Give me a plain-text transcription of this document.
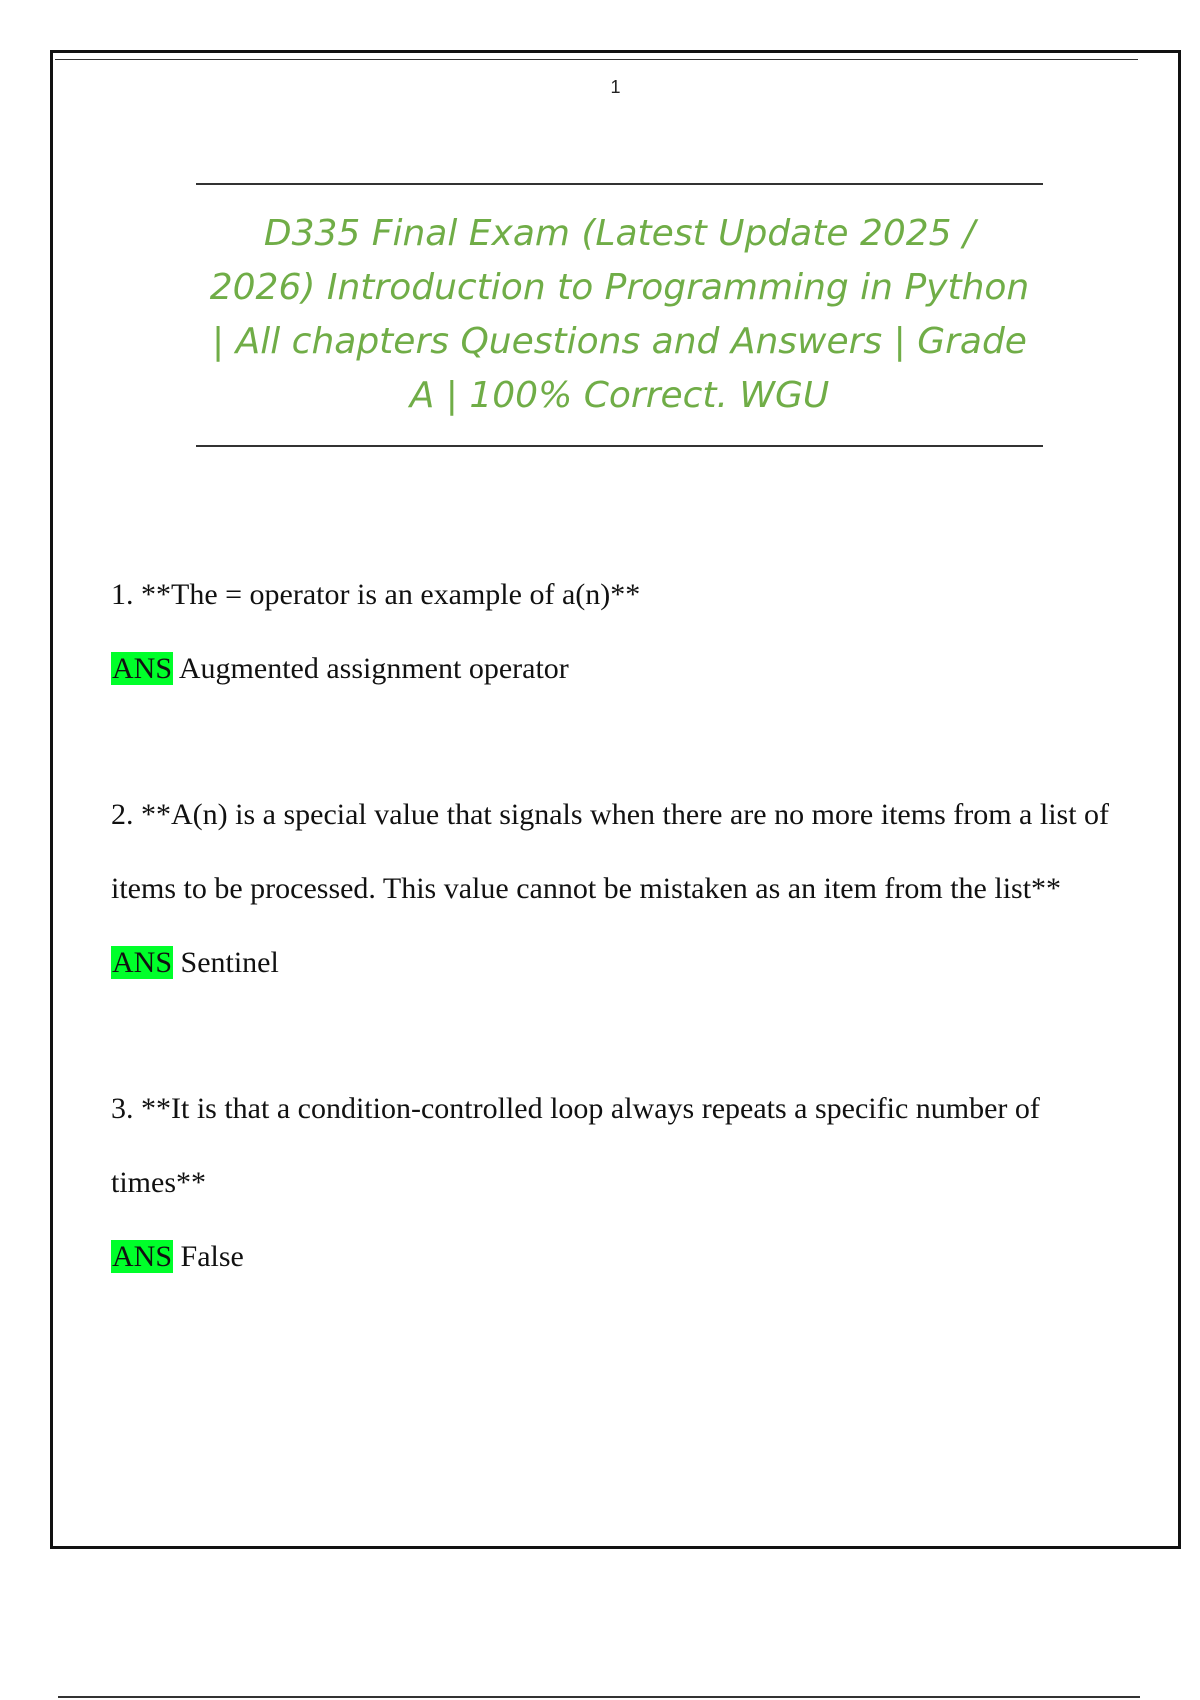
1
D335 Final Exam (Latest Update 2025 / 2026) Introduction to Programming in Python | All chapters Questions and Answers | Grade A | 100% Correct. WGU

1. **The = operator is an example of a(n)**

ANS Augmented assignment operator

2. **A(n) is a special value that signals when there are no more items from a list of items to be processed. This value cannot be mistaken as an item from the list**

ANS Sentinel

3. **It is that a condition-controlled loop always repeats a specific number of times**

ANS False
